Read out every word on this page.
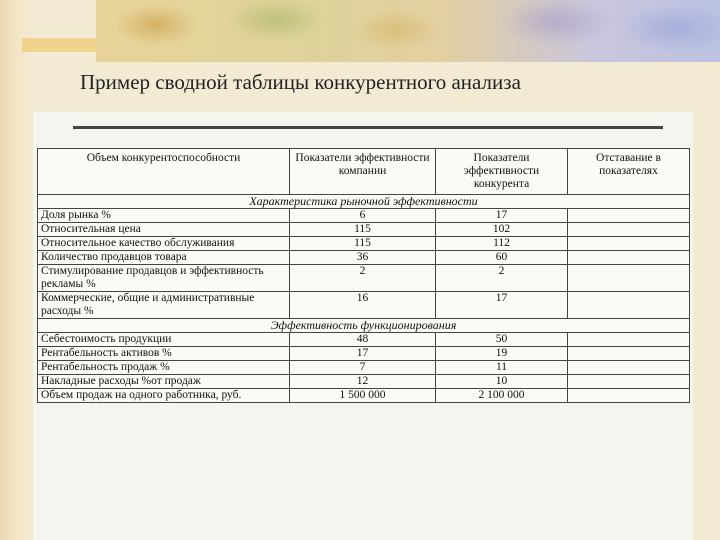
Пример сводной таблицы конкурентного анализа
Объем конкурентоспособности	Показатели эффективности компании	Показатели эффективности конкурента	Отставание в показателях
Характеристика рыночной эффективности			
Доля рынка %	6	17	
Относительная цена	115	102	
Относительное качество обслуживания	115	112	
Количество продавцов товара	36	60	
Стимулирование продавцов и эффективность рекламы %	2	2	
Коммерческие, общие и административные расходы %	16	17	
Эффективность функционирования			
Себестоимость продукции	48	50	
Рентабельность активов %	17	19	
Рентабельность продаж %	7	11	
Накладные расходы %от продаж	12	10	
Объем продаж на одного работника, руб.	1 500 000	2 100 000	
